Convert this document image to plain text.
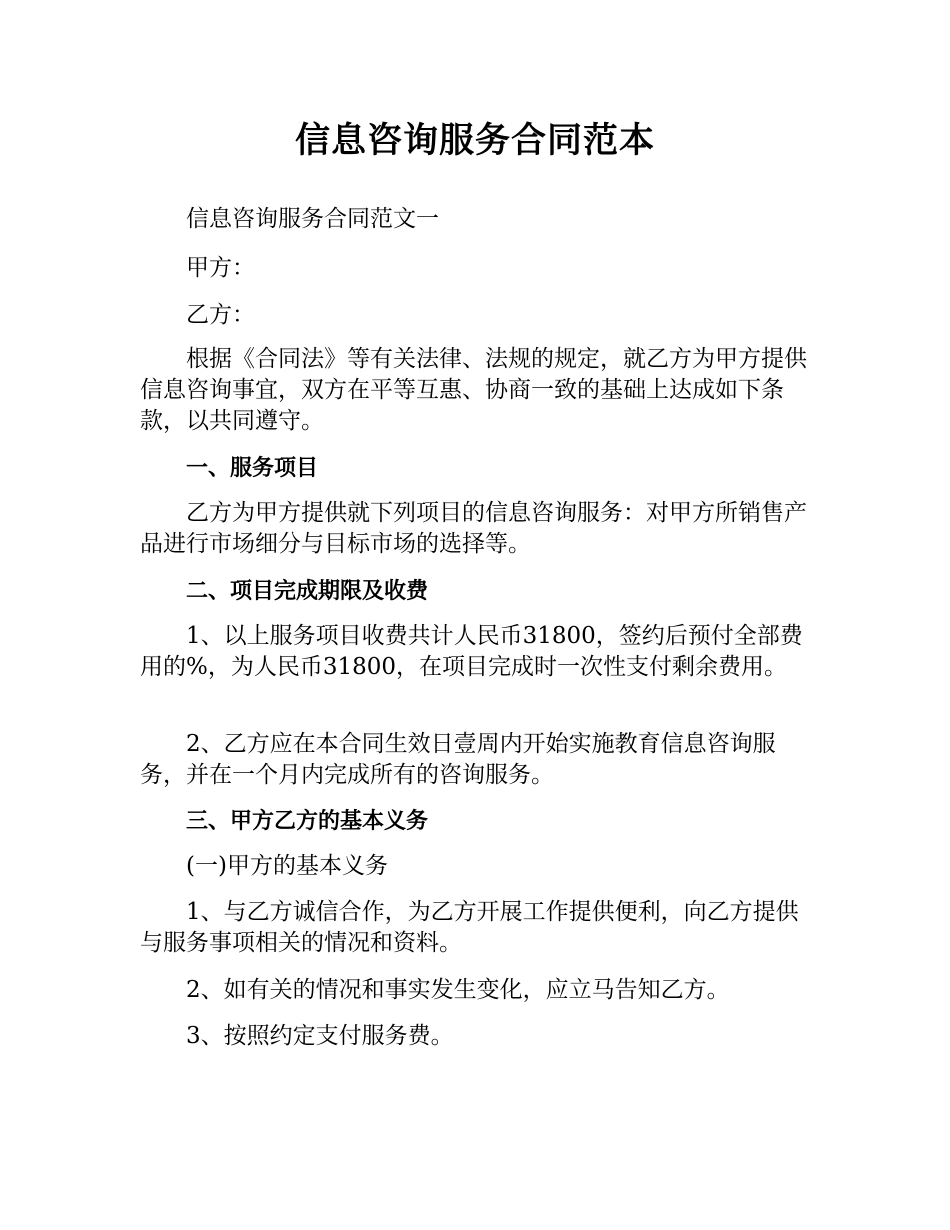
信息咨询服务合同范本

信息咨询服务合同范文一

甲方：

乙方：

根据《合同法》等有关法律、法规的规定，就乙方为甲方提供信息咨询事宜，双方在平等互惠、协商一致的基础上达成如下条款，以共同遵守。

一、服务项目

乙方为甲方提供就下列项目的信息咨询服务：对甲方所销售产品进行市场细分与目标市场的选择等。

二、项目完成期限及收费

1、以上服务项目收费共计人民币31800，签约后预付全部费用的%，为人民币31800，在项目完成时一次性支付剩余费用。

2、乙方应在本合同生效日壹周内开始实施教育信息咨询服务，并在一个月内完成所有的咨询服务。

三、甲方乙方的基本义务

(一)甲方的基本义务

1、与乙方诚信合作，为乙方开展工作提供便利，向乙方提供与服务事项相关的情况和资料。

2、如有关的情况和事实发生变化，应立马告知乙方。

3、按照约定支付服务费。
